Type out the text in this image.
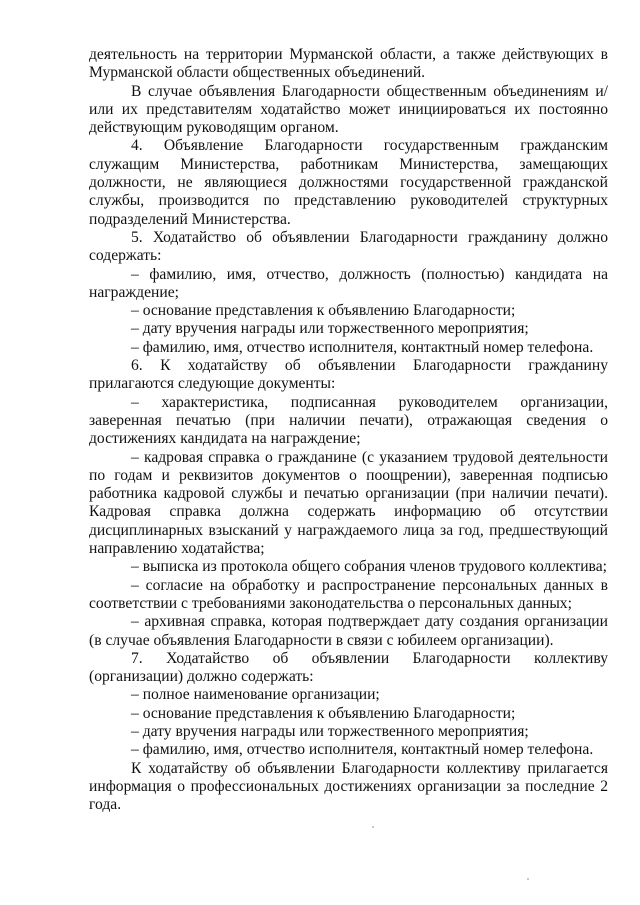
деятельность на территории Мурманской области, а также действующих в Мурманской области общественных объединений.

В случае объявления Благодарности общественным объединениям и/или их представителям ходатайство может инициироваться их постоянно действующим руководящим органом.

4. Объявление Благодарности государственным гражданским служащим Министерства, работникам Министерства, замещающих должности, не являющиеся должностями государственной гражданской службы, производится по представлению руководителей структурных подразделений Министерства.

5. Ходатайство об объявлении Благодарности гражданину должно содержать:

– фамилию, имя, отчество, должность (полностью) кандидата на награждение;

– основание представления к объявлению Благодарности;

– дату вручения награды или торжественного мероприятия;

– фамилию, имя, отчество исполнителя, контактный номер телефона.

6. К ходатайству об объявлении Благодарности гражданину прилагаются следующие документы:

– характеристика, подписанная руководителем организации, заверенная печатью (при наличии печати), отражающая сведения о достижениях кандидата на награждение;

– кадровая справка о гражданине (с указанием трудовой деятельности по годам и реквизитов документов о поощрении), заверенная подписью работника кадровой службы и печатью организации (при наличии печати). Кадровая справка должна содержать информацию об отсутствии дисциплинарных взысканий у награждаемого лица за год, предшествующий направлению ходатайства;

– выписка из протокола общего собрания членов трудового коллектива;

– согласие на обработку и распространение персональных данных в соответствии с требованиями законодательства о персональных данных;

– архивная справка, которая подтверждает дату создания организации (в случае объявления Благодарности в связи с юбилеем организации).

7. Ходатайство об объявлении Благодарности коллективу (организации) должно содержать:

– полное наименование организации;

– основание представления к объявлению Благодарности;

– дату вручения награды или торжественного мероприятия;

– фамилию, имя, отчество исполнителя, контактный номер телефона.

К ходатайству об объявлении Благодарности коллективу прилагается информация о профессиональных достижениях организации за последние 2 года.
